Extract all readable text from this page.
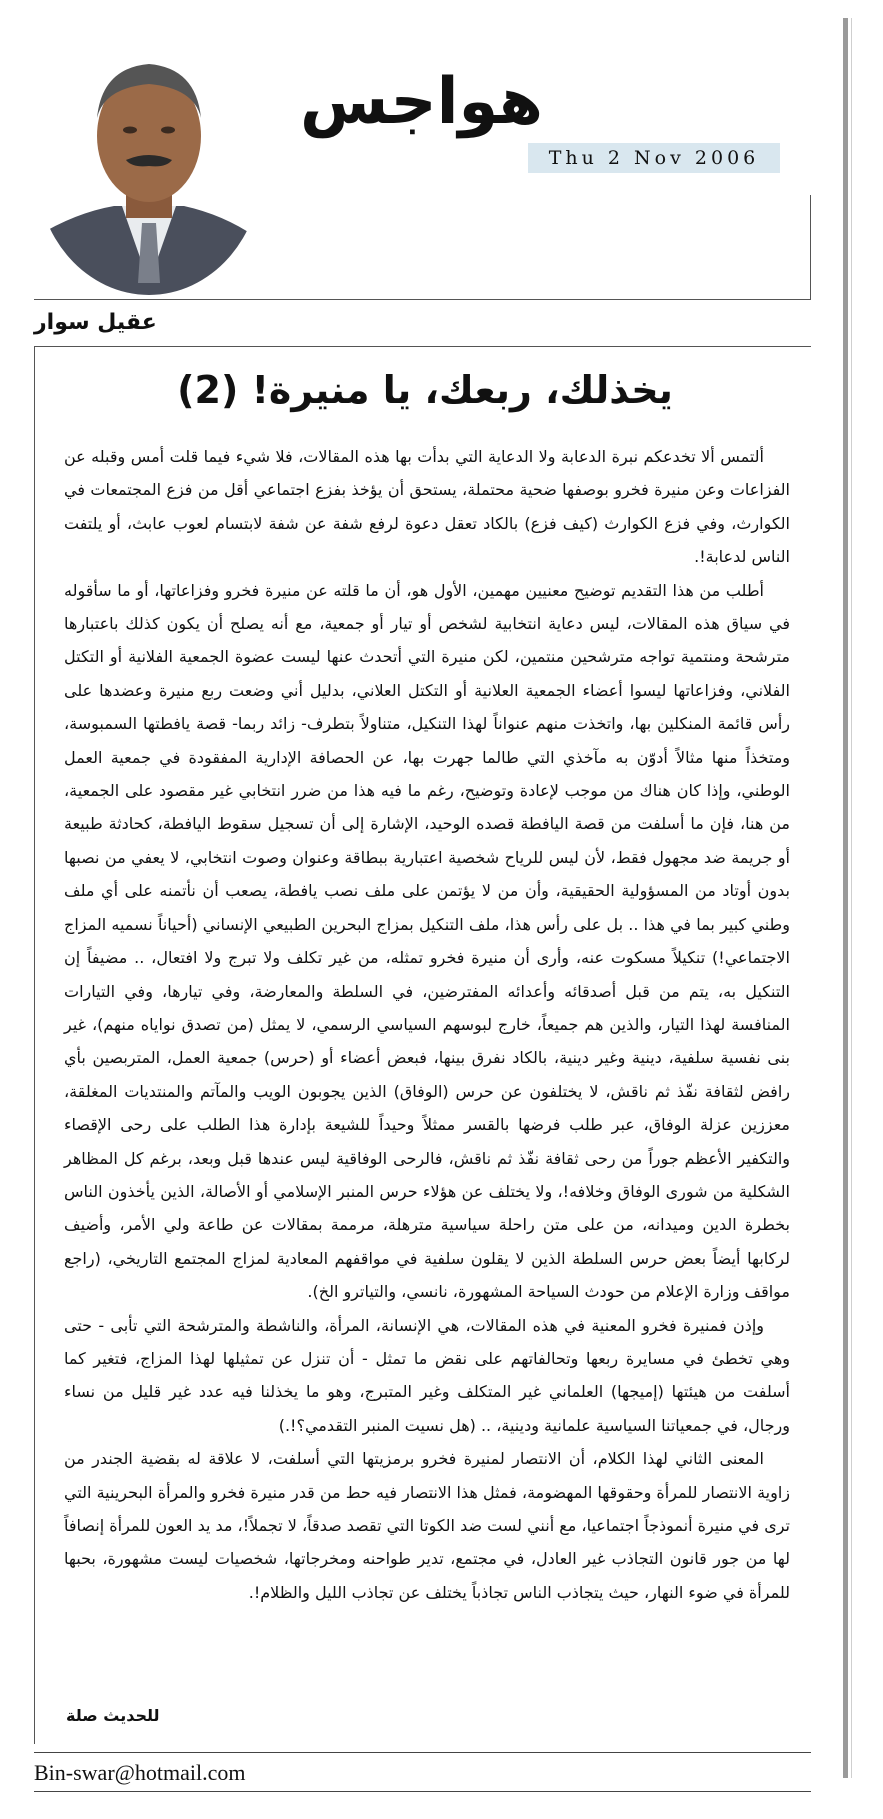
هواجس
Thu 2 Nov 2006
عقيل سوار
يخذلك، ربعك، يا منيرة! (2)

ألتمس ألا تخدعكم نبرة الدعابة ولا الدعاية التي بدأت بها هذه المقالات، فلا شيء فيما قلت أمس وقبله عن الفزاعات وعن منيرة فخرو بوصفها ضحية محتملة، يستحق أن يؤخذ بفزع اجتماعي أقل من فزع المجتمعات في الكوارث، وفي فزع الكوارث (كيف فزع) بالكاد تعقل دعوة لرفع شفة عن شفة لابتسام لعوب عابث، أو يلتفت الناس لدعابة!.

أطلب من هذا التقديم توضيح معنيين مهمين، الأول هو، أن ما قلته عن منيرة فخرو وفزاعاتها، أو ما سأقوله في سياق هذه المقالات، ليس دعاية انتخابية لشخص أو تيار أو جمعية، مع أنه يصلح أن يكون كذلك باعتبارها مترشحة ومنتمية تواجه مترشحين منتمين، لكن منيرة التي أتحدث عنها ليست عضوة الجمعية الفلانية أو التكتل الفلاني، وفزاعاتها ليسوا أعضاء الجمعية العلانية أو التكتل العلاني، بدليل أني وضعت ربع منيرة وعضدها على رأس قائمة المنكلين بها، واتخذت منهم عنواناً لهذا التنكيل، متناولاً بتطرف- زائد ربما- قصة يافطتها السمبوسة، ومتخذاً منها مثالاً أدوّن به مآخذي التي طالما جهرت بها، عن الحصافة الإدارية المفقودة في جمعية العمل الوطني، وإذا كان هناك من موجب لإعادة وتوضيح، رغم ما فيه هذا من ضرر انتخابي غير مقصود على الجمعية، من هنا، فإن ما أسلفت من قصة اليافطة قصده الوحيد، الإشارة إلى أن تسجيل سقوط اليافطة، كحادثة طبيعة أو جريمة ضد مجهول فقط، لأن ليس للرياح شخصية اعتبارية ببطاقة وعنوان وصوت انتخابي، لا يعفي من نصبها بدون أوتاد من المسؤولية الحقيقية، وأن من لا يؤتمن على ملف نصب يافطة، يصعب أن نأتمنه على أي ملف وطني كبير بما في هذا .. بل على رأس هذا، ملف التنكيل بمزاج البحرين الطبيعي الإنساني (أحياناً نسميه المزاج الاجتماعي!) تنكيلاً مسكوت عنه، وأرى أن منيرة فخرو تمثله، من غير تكلف ولا تبرج ولا افتعال، .. مضيفاً إن التنكيل به، يتم من قبل أصدقائه وأعدائه المفترضين، في السلطة والمعارضة، وفي تيارها، وفي التيارات المنافسة لهذا التيار، والذين هم جميعاً، خارج لبوسهم السياسي الرسمي، لا يمثل (من تصدق نواياه منهم)، غير بنى نفسية سلفية، دينية وغير دينية، بالكاد نفرق بينها، فبعض أعضاء أو (حرس) جمعية العمل، المتربصين بأي رافض لثقافة نفّذ ثم ناقش، لا يختلفون عن حرس (الوفاق) الذين يجوبون الويب والمآتم والمنتديات المغلقة، معززين عزلة الوفاق، عبر طلب فرضها بالقسر ممثلاً وحيداً للشيعة بإدارة هذا الطلب على رحى الإقصاء والتكفير الأعظم جوراً من رحى ثقافة نفّذ ثم ناقش، فالرحى الوفاقية ليس عندها قبل وبعد، برغم كل المظاهر الشكلية من شورى الوفاق وخلافه!، ولا يختلف عن هؤلاء حرس المنبر الإسلامي أو الأصالة، الذين يأخذون الناس بخطرة الدين وميدانه، من على متن راحلة سياسية مترهلة، مرممة بمقالات عن طاعة ولي الأمر، وأضيف لركابها أيضاً بعض حرس السلطة الذين لا يقلون سلفية في مواقفهم المعادية لمزاج المجتمع التاريخي، (راجع مواقف وزارة الإعلام من حودث السياحة المشهورة، نانسي، والتياترو الخ).

وإذن فمنيرة فخرو المعنية في هذه المقالات، هي الإنسانة، المرأة، والناشطة والمترشحة التي تأبى - حتى وهي تخطئ في مسايرة ربعها وتحالفاتهم على نقض ما تمثل - أن تنزل عن تمثيلها لهذا المزاج، فتغير كما أسلفت من هيئتها (إميجها) العلماني غير المتكلف وغير المتبرج، وهو ما يخذلنا فيه عدد غير قليل من نساء ورجال، في جمعياتنا السياسية علمانية ودينية، .. (هل نسيت المنبر التقدمي؟!.)

المعنى الثاني لهذا الكلام، أن الانتصار لمنيرة فخرو برمزيتها التي أسلفت، لا علاقة له بقضية الجندر من زاوية الانتصار للمرأة وحقوقها المهضومة، فمثل هذا الانتصار فيه حط من قدر منيرة فخرو والمرأة البحرينية التي ترى في منيرة أنموذجاً اجتماعيا، مع أنني لست ضد الكوتا التي تقصد صدقاً، لا تجملاً!، مد يد العون للمرأة إنصافاً لها من جور قانون التجاذب غير العادل، في مجتمع، تدير طواحنه ومخرجاتها، شخصيات ليست مشهورة، بحبها للمرأة في ضوء النهار، حيث يتجاذب الناس تجاذباً يختلف عن تجاذب الليل والظلام!.

للحديث صلة
Bin-swar@hotmail.com
